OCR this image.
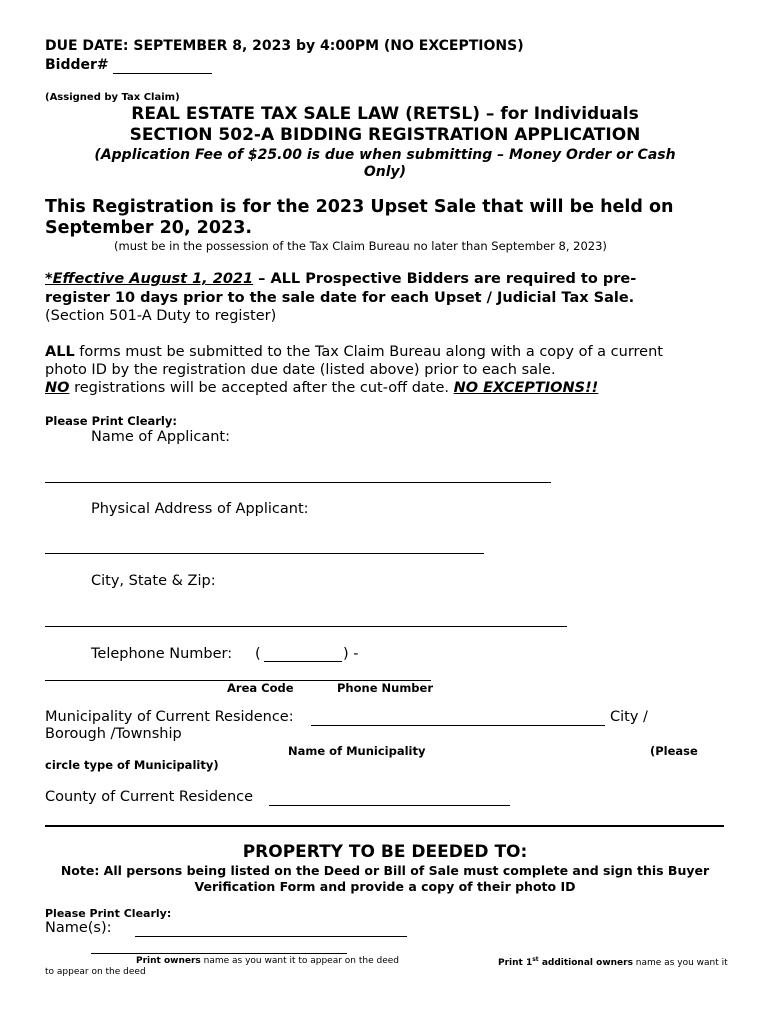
DUE DATE: SEPTEMBER 8, 2023 by 4:00PM (NO EXCEPTIONS)
Bidder#
(Assigned by Tax Claim)
REAL ESTATE TAX SALE LAW (RETSL) – for Individuals
SECTION 502-A BIDDING REGISTRATION APPLICATION
(Application Fee of $25.00 is due when submitting – Money Order or Cash
Only)
This Registration is for the 2023 Upset Sale that will be held on
September 20, 2023.
(must be in the possession of the Tax Claim Bureau no later than September 8, 2023)
*Effective August 1, 2021 – ALL Prospective Bidders are required to pre-
register 10 days prior to the sale date for each Upset / Judicial Tax Sale.
(Section 501-A Duty to register)
ALL forms must be submitted to the Tax Claim Bureau along with a copy of a current
photo ID by the registration due date (listed above) prior to each sale.
NO registrations will be accepted after the cut-off date. NO EXCEPTIONS!!
Please Print Clearly:
Name of Applicant:
Physical Address of Applicant:
City, State & Zip:
Telephone Number: (	) -
Area Code	Phone Number
Municipality of Current Residence:	City /
Borough /Township
Name of Municipality	(Please
circle type of Municipality)
County of Current Residence
PROPERTY TO BE DEEDED TO:
Note: All persons being listed on the Deed or Bill of Sale must complete and sign this Buyer
Verification Form and provide a copy of their photo ID
Please Print Clearly:
Name(s):
Print owners name as you want it to appear on the deed	Print 1st additional owners name as you want it
to appear on the deed
